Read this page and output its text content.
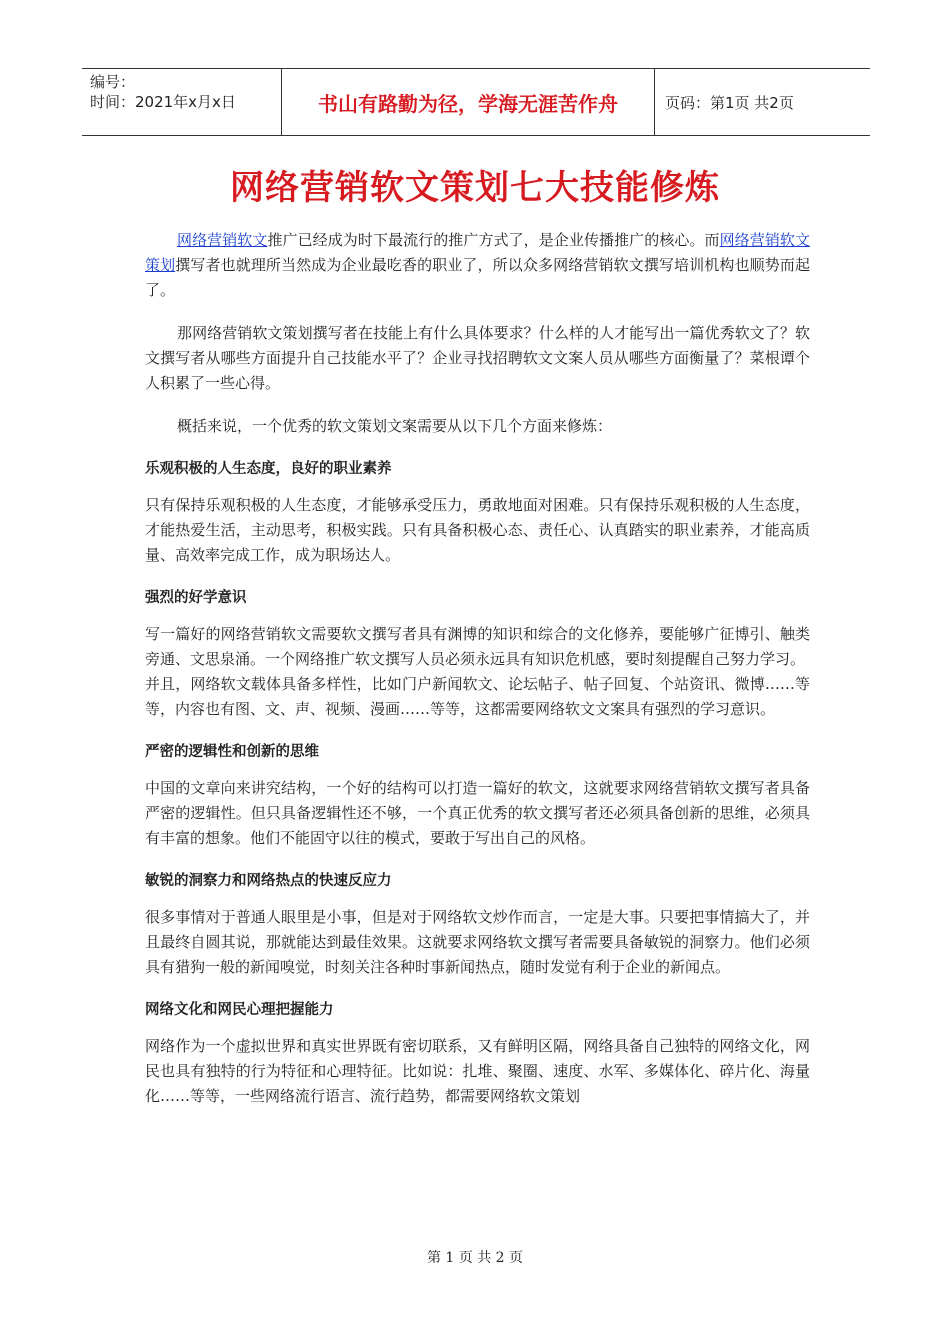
编号：
时间：2021年x月x日	书山有路勤为径，学海无涯苦作舟	页码：第1页 共2页
网络营销软文策划七大技能修炼

网络营销软文推广已经成为时下最流行的推广方式了，是企业传播推广的核心。而网络营销软文策划撰写者也就理所当然成为企业最吃香的职业了，所以众多网络营销软文撰写培训机构也顺势而起了。

那网络营销软文策划撰写者在技能上有什么具体要求？什么样的人才能写出一篇优秀软文了？软文撰写者从哪些方面提升自己技能水平了？企业寻找招聘软文文案人员从哪些方面衡量了？菜根谭个人积累了一些心得。

概括来说，一个优秀的软文策划文案需要从以下几个方面来修炼：

乐观积极的人生态度，良好的职业素养

只有保持乐观积极的人生态度，才能够承受压力，勇敢地面对困难。只有保持乐观积极的人生态度，才能热爱生活，主动思考，积极实践。只有具备积极心态、责任心、认真踏实的职业素养，才能高质量、高效率完成工作，成为职场达人。

强烈的好学意识

写一篇好的网络营销软文需要软文撰写者具有渊博的知识和综合的文化修养，要能够广征博引、触类旁通、文思泉涌。一个网络推广软文撰写人员必须永远具有知识危机感，要时刻提醒自己努力学习。

并且，网络软文载体具备多样性，比如门户新闻软文、论坛帖子、帖子回复、个站资讯、微博……等等，内容也有图、文、声、视频、漫画……等等，这都需要网络软文文案具有强烈的学习意识。

严密的逻辑性和创新的思维

中国的文章向来讲究结构，一个好的结构可以打造一篇好的软文，这就要求网络营销软文撰写者具备严密的逻辑性。但只具备逻辑性还不够，一个真正优秀的软文撰写者还必须具备创新的思维，必须具有丰富的想象。他们不能固守以往的模式，要敢于写出自己的风格。

敏锐的洞察力和网络热点的快速反应力

很多事情对于普通人眼里是小事，但是对于网络软文炒作而言，一定是大事。只要把事情搞大了，并且最终自圆其说，那就能达到最佳效果。这就要求网络软文撰写者需要具备敏锐的洞察力。他们必须具有猎狗一般的新闻嗅觉，时刻关注各种时事新闻热点，随时发觉有利于企业的新闻点。

网络文化和网民心理把握能力

网络作为一个虚拟世界和真实世界既有密切联系，又有鲜明区隔，网络具备自己独特的网络文化，网民也具有独特的行为特征和心理特征。比如说：扎堆、聚圈、速度、水军、多媒体化、碎片化、海量化……等等，一些网络流行语言、流行趋势，都需要网络软文策划

第 1 页 共 2 页
